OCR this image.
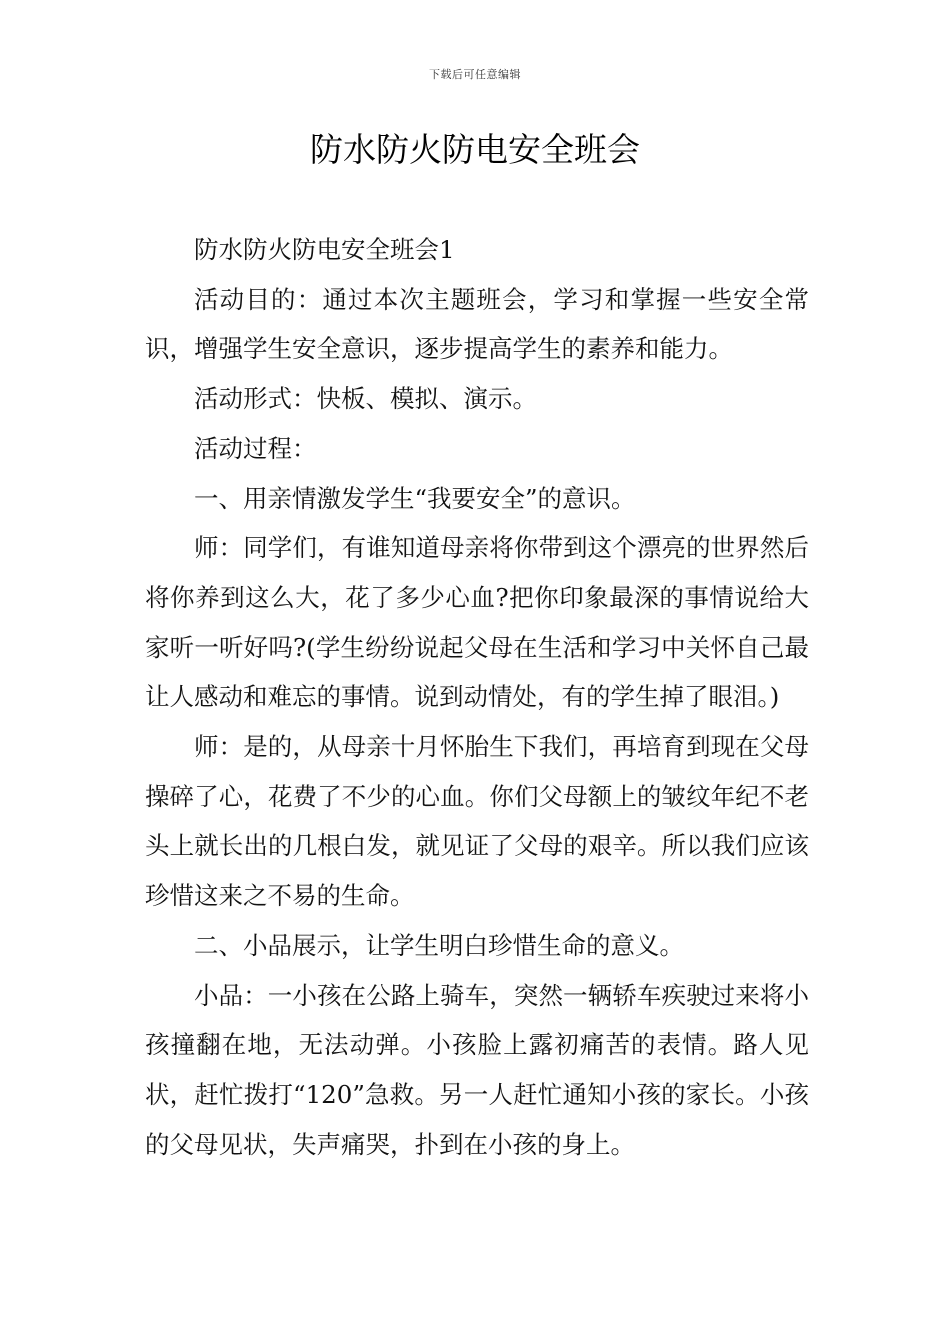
下载后可任意编辑
防水防火防电安全班会

防水防火防电安全班会1

活动目的：通过本次主题班会，学习和掌握一些安全常识，增强学生安全意识，逐步提高学生的素养和能力。

活动形式：快板、模拟、演示。

活动过程：

一、用亲情激发学生“我要安全”的意识。

师：同学们，有谁知道母亲将你带到这个漂亮的世界然后将你养到这么大，花了多少心血?把你印象最深的事情说给大家听一听好吗?(学生纷纷说起父母在生活和学习中关怀自己最让人感动和难忘的事情。说到动情处，有的学生掉了眼泪。)

师：是的，从母亲十月怀胎生下我们，再培育到现在父母操碎了心，花费了不少的心血。你们父母额上的皱纹年纪不老头上就长出的几根白发，就见证了父母的艰辛。所以我们应该珍惜这来之不易的生命。

二、小品展示，让学生明白珍惜生命的意义。

小品：一小孩在公路上骑车，突然一辆轿车疾驶过来将小孩撞翻在地，无法动弹。小孩脸上露初痛苦的表情。路人见状，赶忙拨打“120”急救。另一人赶忙通知小孩的家长。小孩的父母见状，失声痛哭，扑到在小孩的身上。
